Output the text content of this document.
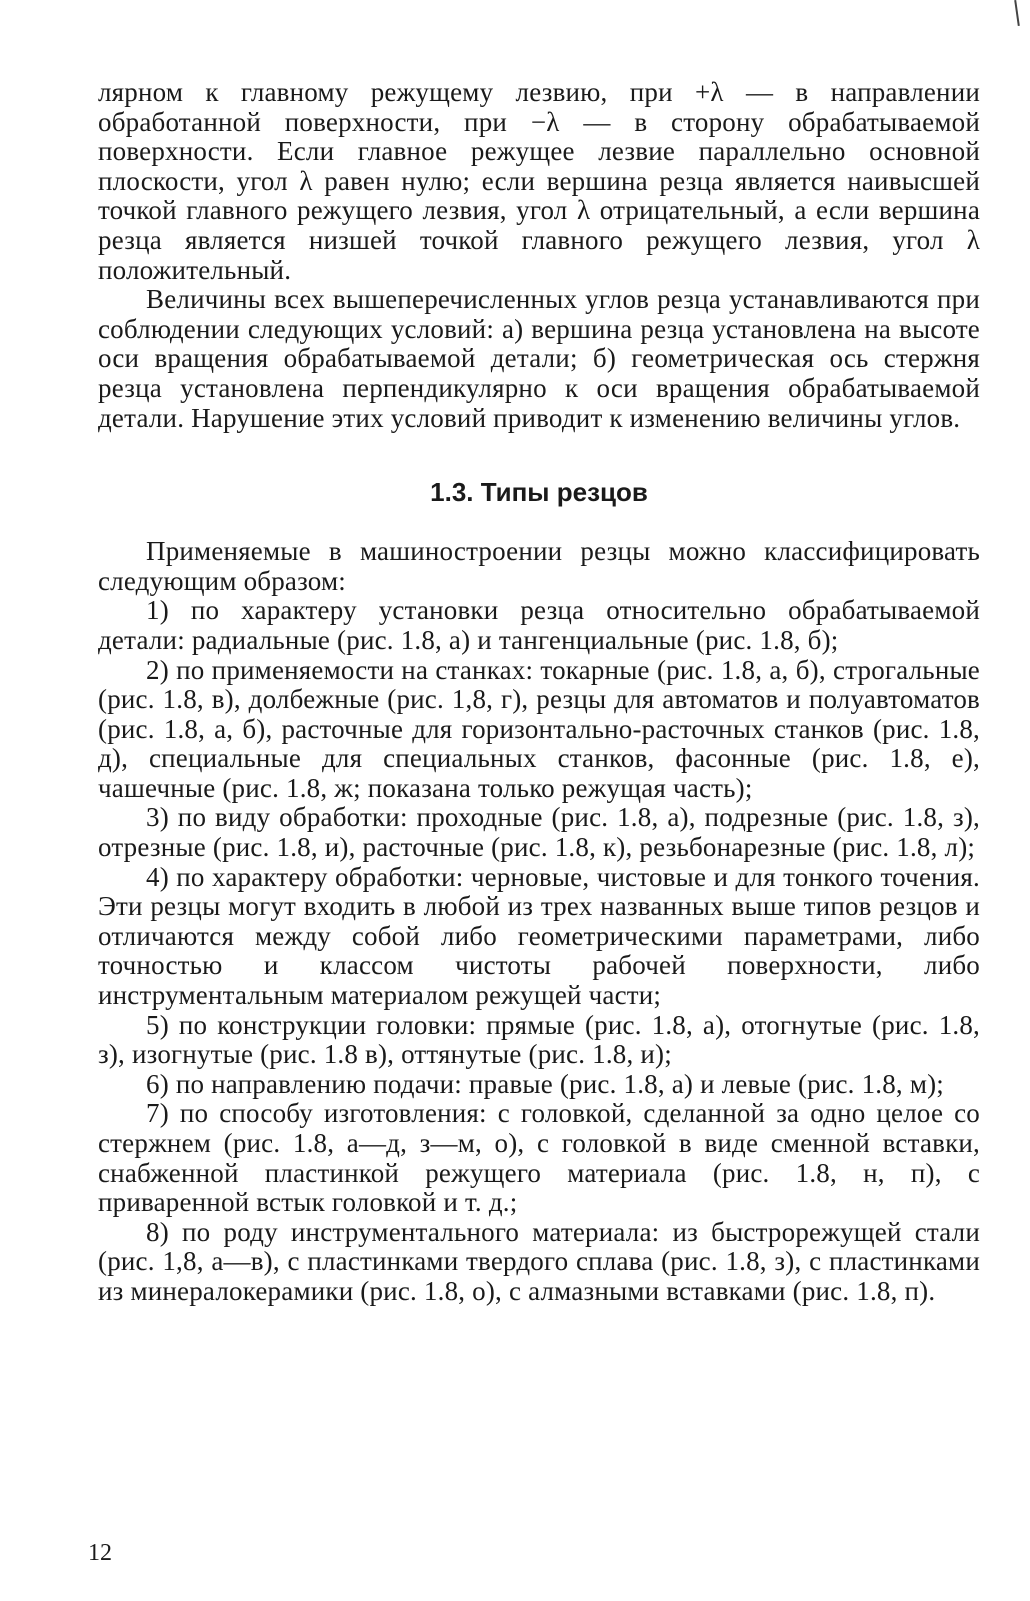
лярном к главному режущему лезвию, при +λ — в направлении обработанной поверхности, при −λ — в сторону обрабатываемой поверхности. Если главное режущее лезвие параллельно основной плоскости, угол λ равен нулю; если вершина резца является наивысшей точкой главного режущего лезвия, угол λ отрицательный, а если вершина резца является низшей точкой главного режущего лезвия, угол λ положительный.

Величины всех вышеперечисленных углов резца устанавливаются при соблюдении следующих условий: а) вершина резца установлена на высоте оси вращения обрабатываемой детали; б) геометрическая ось стержня резца установлена перпендикулярно к оси вращения обрабатываемой детали. Нарушение этих условий приводит к изменению величины углов.

1.3. Типы резцов

Применяемые в машиностроении резцы можно классифицировать следующим образом:

1) по характеру установки резца относительно обрабатываемой детали: радиальные (рис. 1.8, а) и тангенциальные (рис. 1.8, б);

2) по применяемости на станках: токарные (рис. 1.8, а, б), строгальные (рис. 1.8, в), долбежные (рис. 1,8, г), резцы для автоматов и полуавтоматов (рис. 1.8, а, б), расточные для горизонтально-расточных станков (рис. 1.8, д), специальные для специальных станков, фасонные (рис. 1.8, е), чашечные (рис. 1.8, ж; показана только режущая часть);

3) по виду обработки: проходные (рис. 1.8, а), подрезные (рис. 1.8, з), отрезные (рис. 1.8, и), расточные (рис. 1.8, к), резьбонарезные (рис. 1.8, л);

4) по характеру обработки: черновые, чистовые и для тонкого точения. Эти резцы могут входить в любой из трех названных выше типов резцов и отличаются между собой либо геометрическими параметрами, либо точностью и классом чистоты рабочей поверхности, либо инструментальным материалом режущей части;

5) по конструкции головки: прямые (рис. 1.8, а), отогнутые (рис. 1.8, з), изогнутые (рис. 1.8 в), оттянутые (рис. 1.8, и);

6) по направлению подачи: правые (рис. 1.8, а) и левые (рис. 1.8, м);

7) по способу изготовления: с головкой, сделанной за одно целое со стержнем (рис. 1.8, а—д, з—м, о), с головкой в виде сменной вставки, снабженной пластинкой режущего материала (рис. 1.8, н, п), с приваренной встык головкой и т. д.;

8) по роду инструментального материала: из быстрорежущей стали (рис. 1,8, а—в), с пластинками твердого сплава (рис. 1.8, з), с пластинками из минералокерамики (рис. 1.8, о), с алмазными вставками (рис. 1.8, п).

12
